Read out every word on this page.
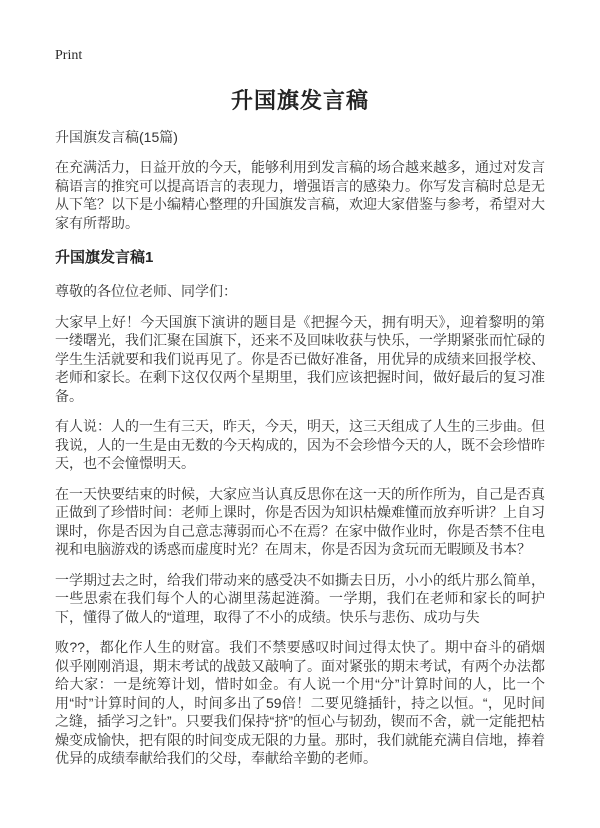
Print
升国旗发言稿
升国旗发言稿(15篇)

在充满活力，日益开放的今天，能够利用到发言稿的场合越来越多，通过对发言稿语言的推究可以提高语言的表现力，增强语言的感染力。你写发言稿时总是无从下笔？以下是小编精心整理的升国旗发言稿，欢迎大家借鉴与参考，希望对大家有所帮助。

升国旗发言稿1

尊敬的各位位老师、同学们：

大家早上好！今天国旗下演讲的题目是《把握今天，拥有明天》，迎着黎明的第一缕曙光，我们汇聚在国旗下，还来不及回味收获与快乐，一学期紧张而忙碌的学生生活就要和我们说再见了。你是否已做好准备，用优异的成绩来回报学校、老师和家长。在剩下这仅仅两个星期里，我们应该把握时间，做好最后的复习准备。

有人说：人的一生有三天，昨天，今天，明天，这三天组成了人生的三步曲。但我说，人的一生是由无数的今天构成的，因为不会珍惜今天的人，既不会珍惜昨天，也不会憧憬明天。

在一天快要结束的时候，大家应当认真反思你在这一天的所作所为，自己是否真正做到了珍惜时间：老师上课时，你是否因为知识枯燥难懂而放弃听讲？上自习课时，你是否因为自己意志薄弱而心不在焉？在家中做作业时，你是否禁不住电视和电脑游戏的诱惑而虚度时光？在周末，你是否因为贪玩而无暇顾及书本？

一学期过去之时，给我们带动来的感受决不如撕去日历，小小的纸片那么简单，一些思索在我们每个人的心湖里荡起涟漪。一学期，我们在老师和家长的呵护下，懂得了做人的“道理，取得了不小的成绩。快乐与悲伤、成功与失

败??，都化作人生的财富。我们不禁要感叹时间过得太快了。期中奋斗的硝烟似乎刚刚消退，期末考试的战鼓又敲响了。面对紧张的期末考试，有两个办法都给大家：一是统筹计划，惜时如金。有人说一个用“分”计算时间的人，比一个用“时”计算时间的人，时间多出了59倍！二要见缝插针，持之以恒。“，见时间之缝，插学习之针”。只要我们保持“挤”的恒心与韧劲，锲而不舍，就一定能把枯燥变成愉快，把有限的时间变成无限的力量。那时，我们就能充满自信地，捧着优异的成绩奉献给我们的父母，奉献给辛勤的老师。
